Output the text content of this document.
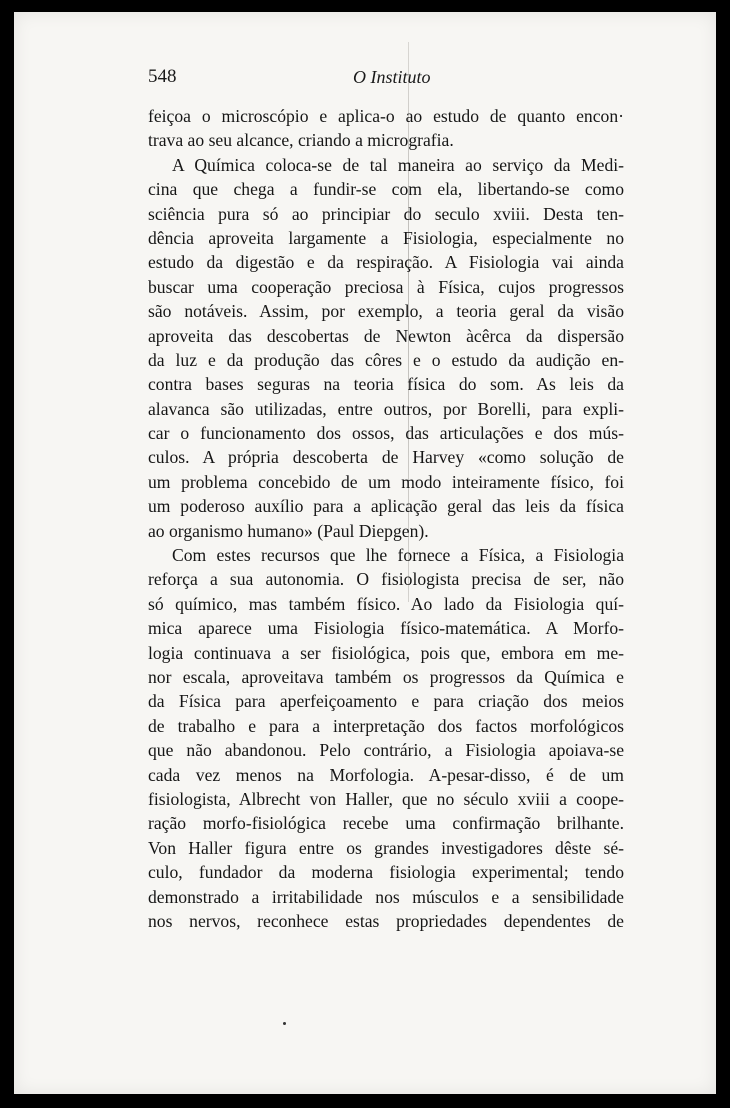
548	O Instituto
feiçoa o microscópio e aplica-o ao estudo de quanto encon·
trava ao seu alcance, criando a micrografia.
A Química coloca-se de tal maneira ao serviço da Medi-
cina que chega a fundir-se com ela, libertando-se como
sciência pura só ao principiar do seculo xviii. Desta ten-
dência aproveita largamente a Fisiologia, especialmente no
estudo da digestão e da respiração. A Fisiologia vai ainda
buscar uma cooperação preciosa à Física, cujos progressos
são notáveis. Assim, por exemplo, a teoria geral da visão
aproveita das descobertas de Newton àcêrca da dispersão
da luz e da produção das côres e o estudo da audição en-
contra bases seguras na teoria física do som. As leis da
alavanca são utilizadas, entre outros, por Borelli, para expli-
car o funcionamento dos ossos, das articulações e dos mús-
culos. A própria descoberta de Harvey «como solução de
um problema concebido de um modo inteiramente físico, foi
um poderoso auxílio para a aplicação geral das leis da física
ao organismo humano» (Paul Diepgen).
Com estes recursos que lhe fornece a Física, a Fisiologia
reforça a sua autonomia. O fisiologista precisa de ser, não
só químico, mas também físico. Ao lado da Fisiologia quí-
mica aparece uma Fisiologia físico-matemática. A Morfo-
logia continuava a ser fisiológica, pois que, embora em me-
nor escala, aproveitava também os progressos da Química e
da Física para aperfeiçoamento e para criação dos meios
de trabalho e para a interpretação dos factos morfológicos
que não abandonou. Pelo contrário, a Fisiologia apoiava-se
cada vez menos na Morfologia. A-pesar-disso, é de um
fisiologista, Albrecht von Haller, que no século xviii a coope-
ração morfo-fisiológica recebe uma confirmação brilhante.
Von Haller figura entre os grandes investigadores dêste sé-
culo, fundador da moderna fisiologia experimental; tendo
demonstrado a irritabilidade nos músculos e a sensibilidade
nos nervos, reconhece estas propriedades dependentes de
